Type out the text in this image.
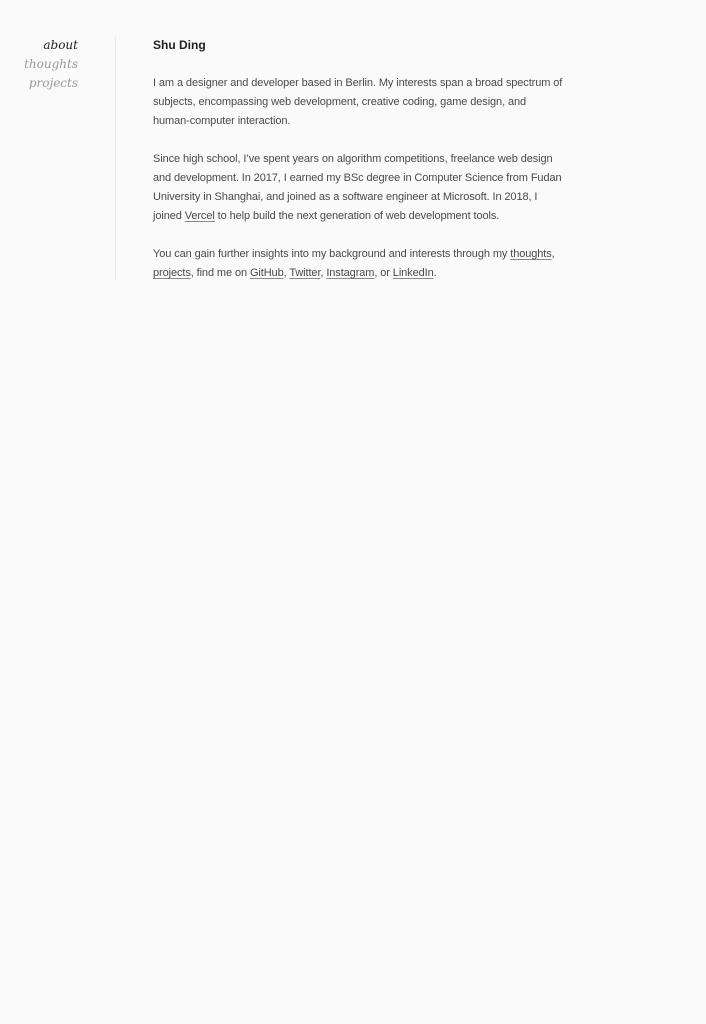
about
thoughts
projects
Shu Ding

I am a designer and developer based in Berlin. My interests span a broad spectrum of subjects, encompassing web development, creative coding, game design, and human-computer interaction.

Since high school, I’ve spent years on algorithm competitions, freelance web design and development. In 2017, I earned my BSc degree in Computer Science from Fudan University in Shanghai, and joined as a software engineer at Microsoft. In 2018, I joined Vercel to help build the next generation of web development tools.

You can gain further insights into my background and interests through my thoughts, projects, find me on GitHub, Twitter, Instagram, or LinkedIn.
